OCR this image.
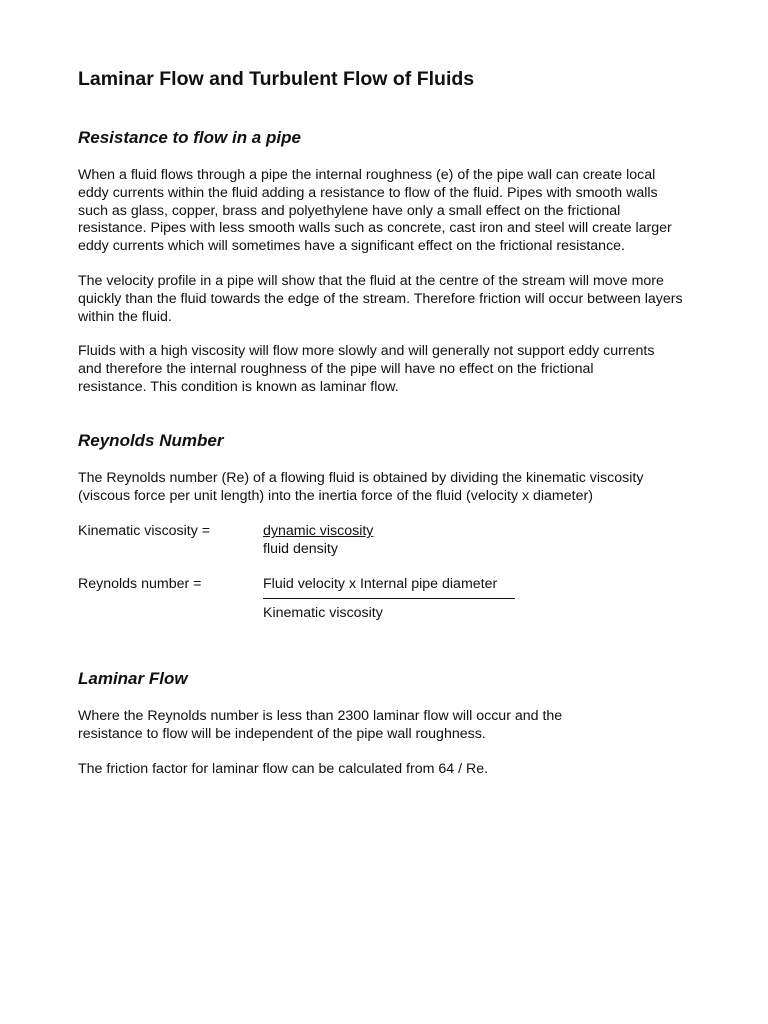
Laminar Flow and Turbulent Flow of Fluids
Resistance to flow in a pipe

When a fluid flows through a pipe the internal roughness (e) of the pipe wall can create local eddy currents within the fluid adding a resistance to flow of the fluid. Pipes with smooth walls such as glass, copper, brass and polyethylene have only a small effect on the frictional resistance. Pipes with less smooth walls such as concrete, cast iron and steel will create larger eddy currents which will sometimes have a significant effect on the frictional resistance.

The velocity profile in a pipe will show that the fluid at the centre of the stream will move more quickly than the fluid towards the edge of the stream. Therefore friction will occur between layers within the fluid.

Fluids with a high viscosity will flow more slowly and will generally not support eddy currents and therefore the internal roughness of the pipe will have no effect on the frictional resistance. This condition is known as laminar flow.

Reynolds Number

The Reynolds number (Re) of a flowing fluid is obtained by dividing the kinematic viscosity (viscous force per unit length) into the inertia force of the fluid (velocity x diameter)

Kinematic viscosity =	dynamic viscosity
fluid density
Reynolds number =	Fluid velocity x Internal pipe diameter
Kinematic viscosity
Laminar Flow

Where the Reynolds number is less than 2300 laminar flow will occur and the resistance to flow will be independent of the pipe wall roughness.

The friction factor for laminar flow can be calculated from 64 / Re.
